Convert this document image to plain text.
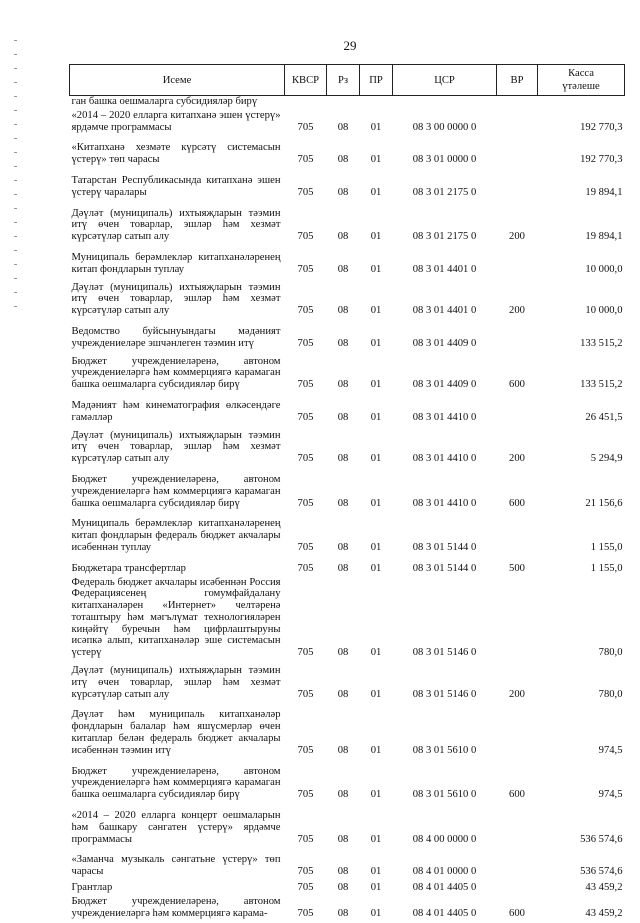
29
Исеме	КВСР	Рз	ПР	ЦСР	ВР	Касса
үтәлеше
ган башка оешмаларга субсидияләр бирү						
«2014 – 2020 елларга китапханә эшен үстерү» ярдәмче программасы	705	08	01	08 3 00 0000 0		192 770,3
«Китапханә хезмәте күрсәтү системасын үстерү» төп чарасы	705	08	01	08 3 01 0000 0		192 770,3
Татарстан Республикасында китапханә эшен үстерү чаралары	705	08	01	08 3 01 2175 0		19 894,1
Дәүләт (муниципаль) ихтыяҗларын тәэмин итү өчен товарлар, эшләр һәм хезмәт күрсәтүләр сатып алу	705	08	01	08 3 01 2175 0	200	19 894,1
Муниципаль берәмлекләр китапханәләренең китап фондларын туплау	705	08	01	08 3 01 4401 0		10 000,0
Дәүләт (муниципаль) ихтыяҗларын тәэмин итү өчен товарлар, эшләр һәм хезмәт күрсәтүләр сатып алу	705	08	01	08 3 01 4401 0	200	10 000,0
Ведомство буйсынуындагы мәдәният учреждениеләре эшчәнлеген тәэмин итү	705	08	01	08 3 01 4409 0		133 515,2
Бюджет учреждениеләренә, автоном учреждениеләргә һәм коммерциягә карамаган башка оешмаларга субсидияләр бирү	705	08	01	08 3 01 4409 0	600	133 515,2
Мәдәният һәм кинематография өлкәсендәге гамәлләр	705	08	01	08 3 01 4410 0		26 451,5
Дәүләт (муниципаль) ихтыяҗларын тәэмин итү өчен товарлар, эшләр һәм хезмәт күрсәтүләр сатып алу	705	08	01	08 3 01 4410 0	200	5 294,9
Бюджет учреждениеләренә, автоном учреждениеләргә һәм коммерциягә карамаган башка оешмаларга субсидияләр бирү	705	08	01	08 3 01 4410 0	600	21 156,6
Муниципаль берәмлекләр китапханәләренең китап фондларын федераль бюджет акчалары исәбеннән туплау	705	08	01	08 3 01 5144 0		1 155,0
Бюджетара трансфертлар	705	08	01	08 3 01 5144 0	500	1 155,0
Федераль бюджет акчалары исәбеннән Россия Федерациясенең гомумфайдалану китапханәләрен «Интернет» челтәренә тоташтыру һәм мәгълүмат технологияләрен киңәйтү буречын һәм цифрлаштыруны исәпкә алып, китапханәләр эше системасын үстерү	705	08	01	08 3 01 5146 0		780,0
Дәүләт (муниципаль) ихтыяҗларын тәэмин итү өчен товарлар, эшләр һәм хезмәт күрсәтүләр сатып алу	705	08	01	08 3 01 5146 0	200	780,0
Дәүләт һәм муниципаль китапханәләр фондларын балалар һәм яшүсмерләр өчен китаплар белән федераль бюджет акчалары исәбеннән тәэмин итү	705	08	01	08 3 01 5610 0		974,5
Бюджет учреждениеләренә, автоном учреждениеләргә һәм коммерциягә карамаган башка оешмаларга субсидияләр бирү	705	08	01	08 3 01 5610 0	600	974,5
«2014 – 2020 елларга концерт оешмаларын һәм башкару сәнгатен үстерү» ярдәмче программасы	705	08	01	08 4 00 0000 0		536 574,6
«Заманча музыкаль сәнгатьне үстерү» төп чарасы	705	08	01	08 4 01 0000 0		536 574,6
Грантлар	705	08	01	08 4 01 4405 0		43 459,2
Бюджет учреждениеләренә, автоном учреждениеләргә һәм коммерциягә карама-	705	08	01	08 4 01 4405 0	600	43 459,2
